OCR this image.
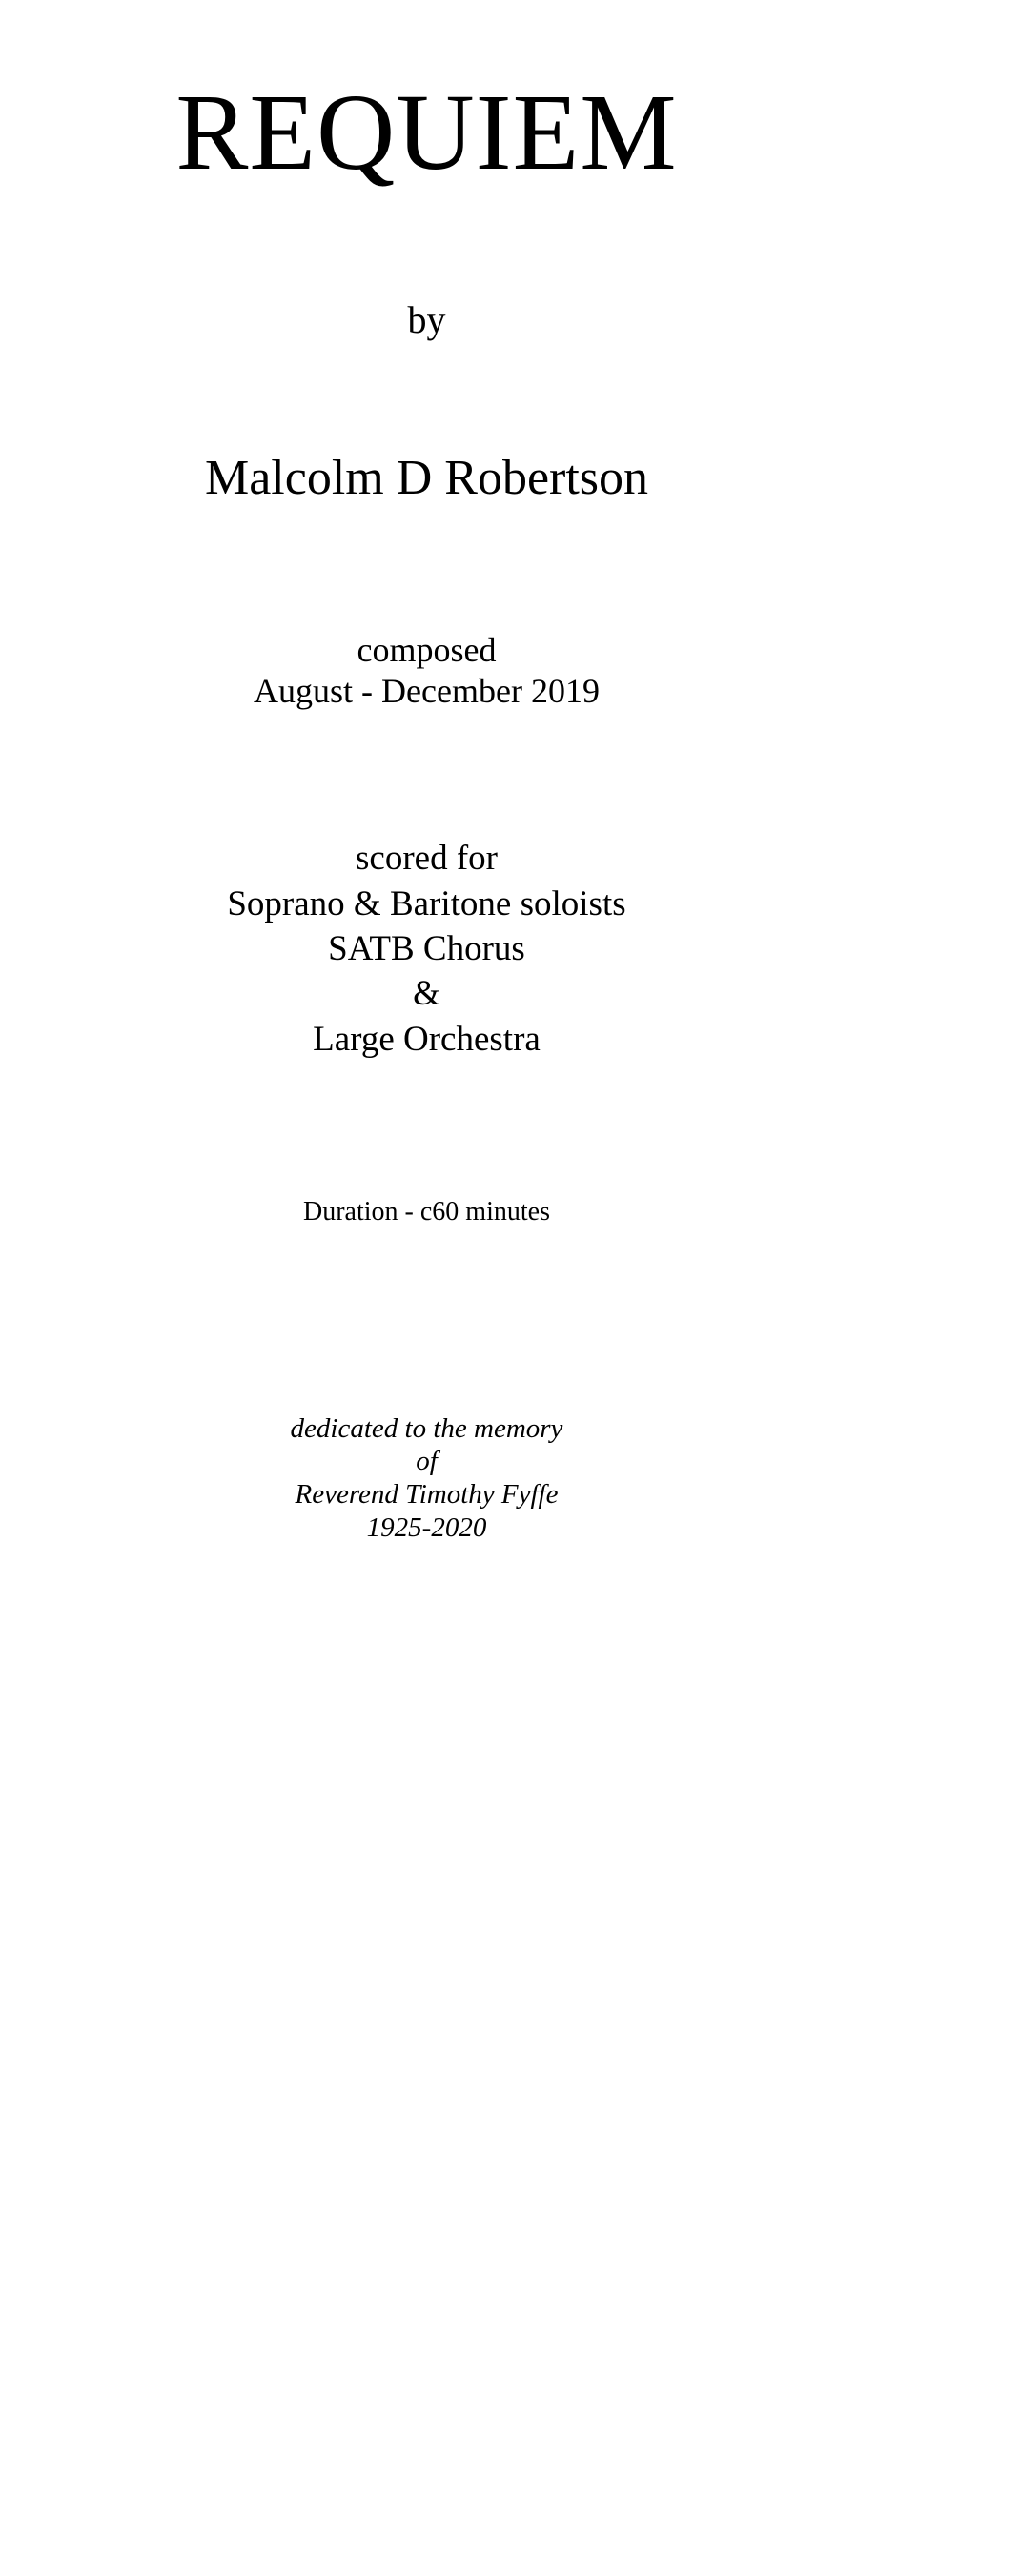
REQUIEM
by
Malcolm D Robertson
composed
August - December 2019
scored for
Soprano & Baritone soloists
SATB Chorus
&
Large Orchestra
Duration - c60 minutes
dedicated to the memory
of
Reverend Timothy Fyffe
1925-2020
